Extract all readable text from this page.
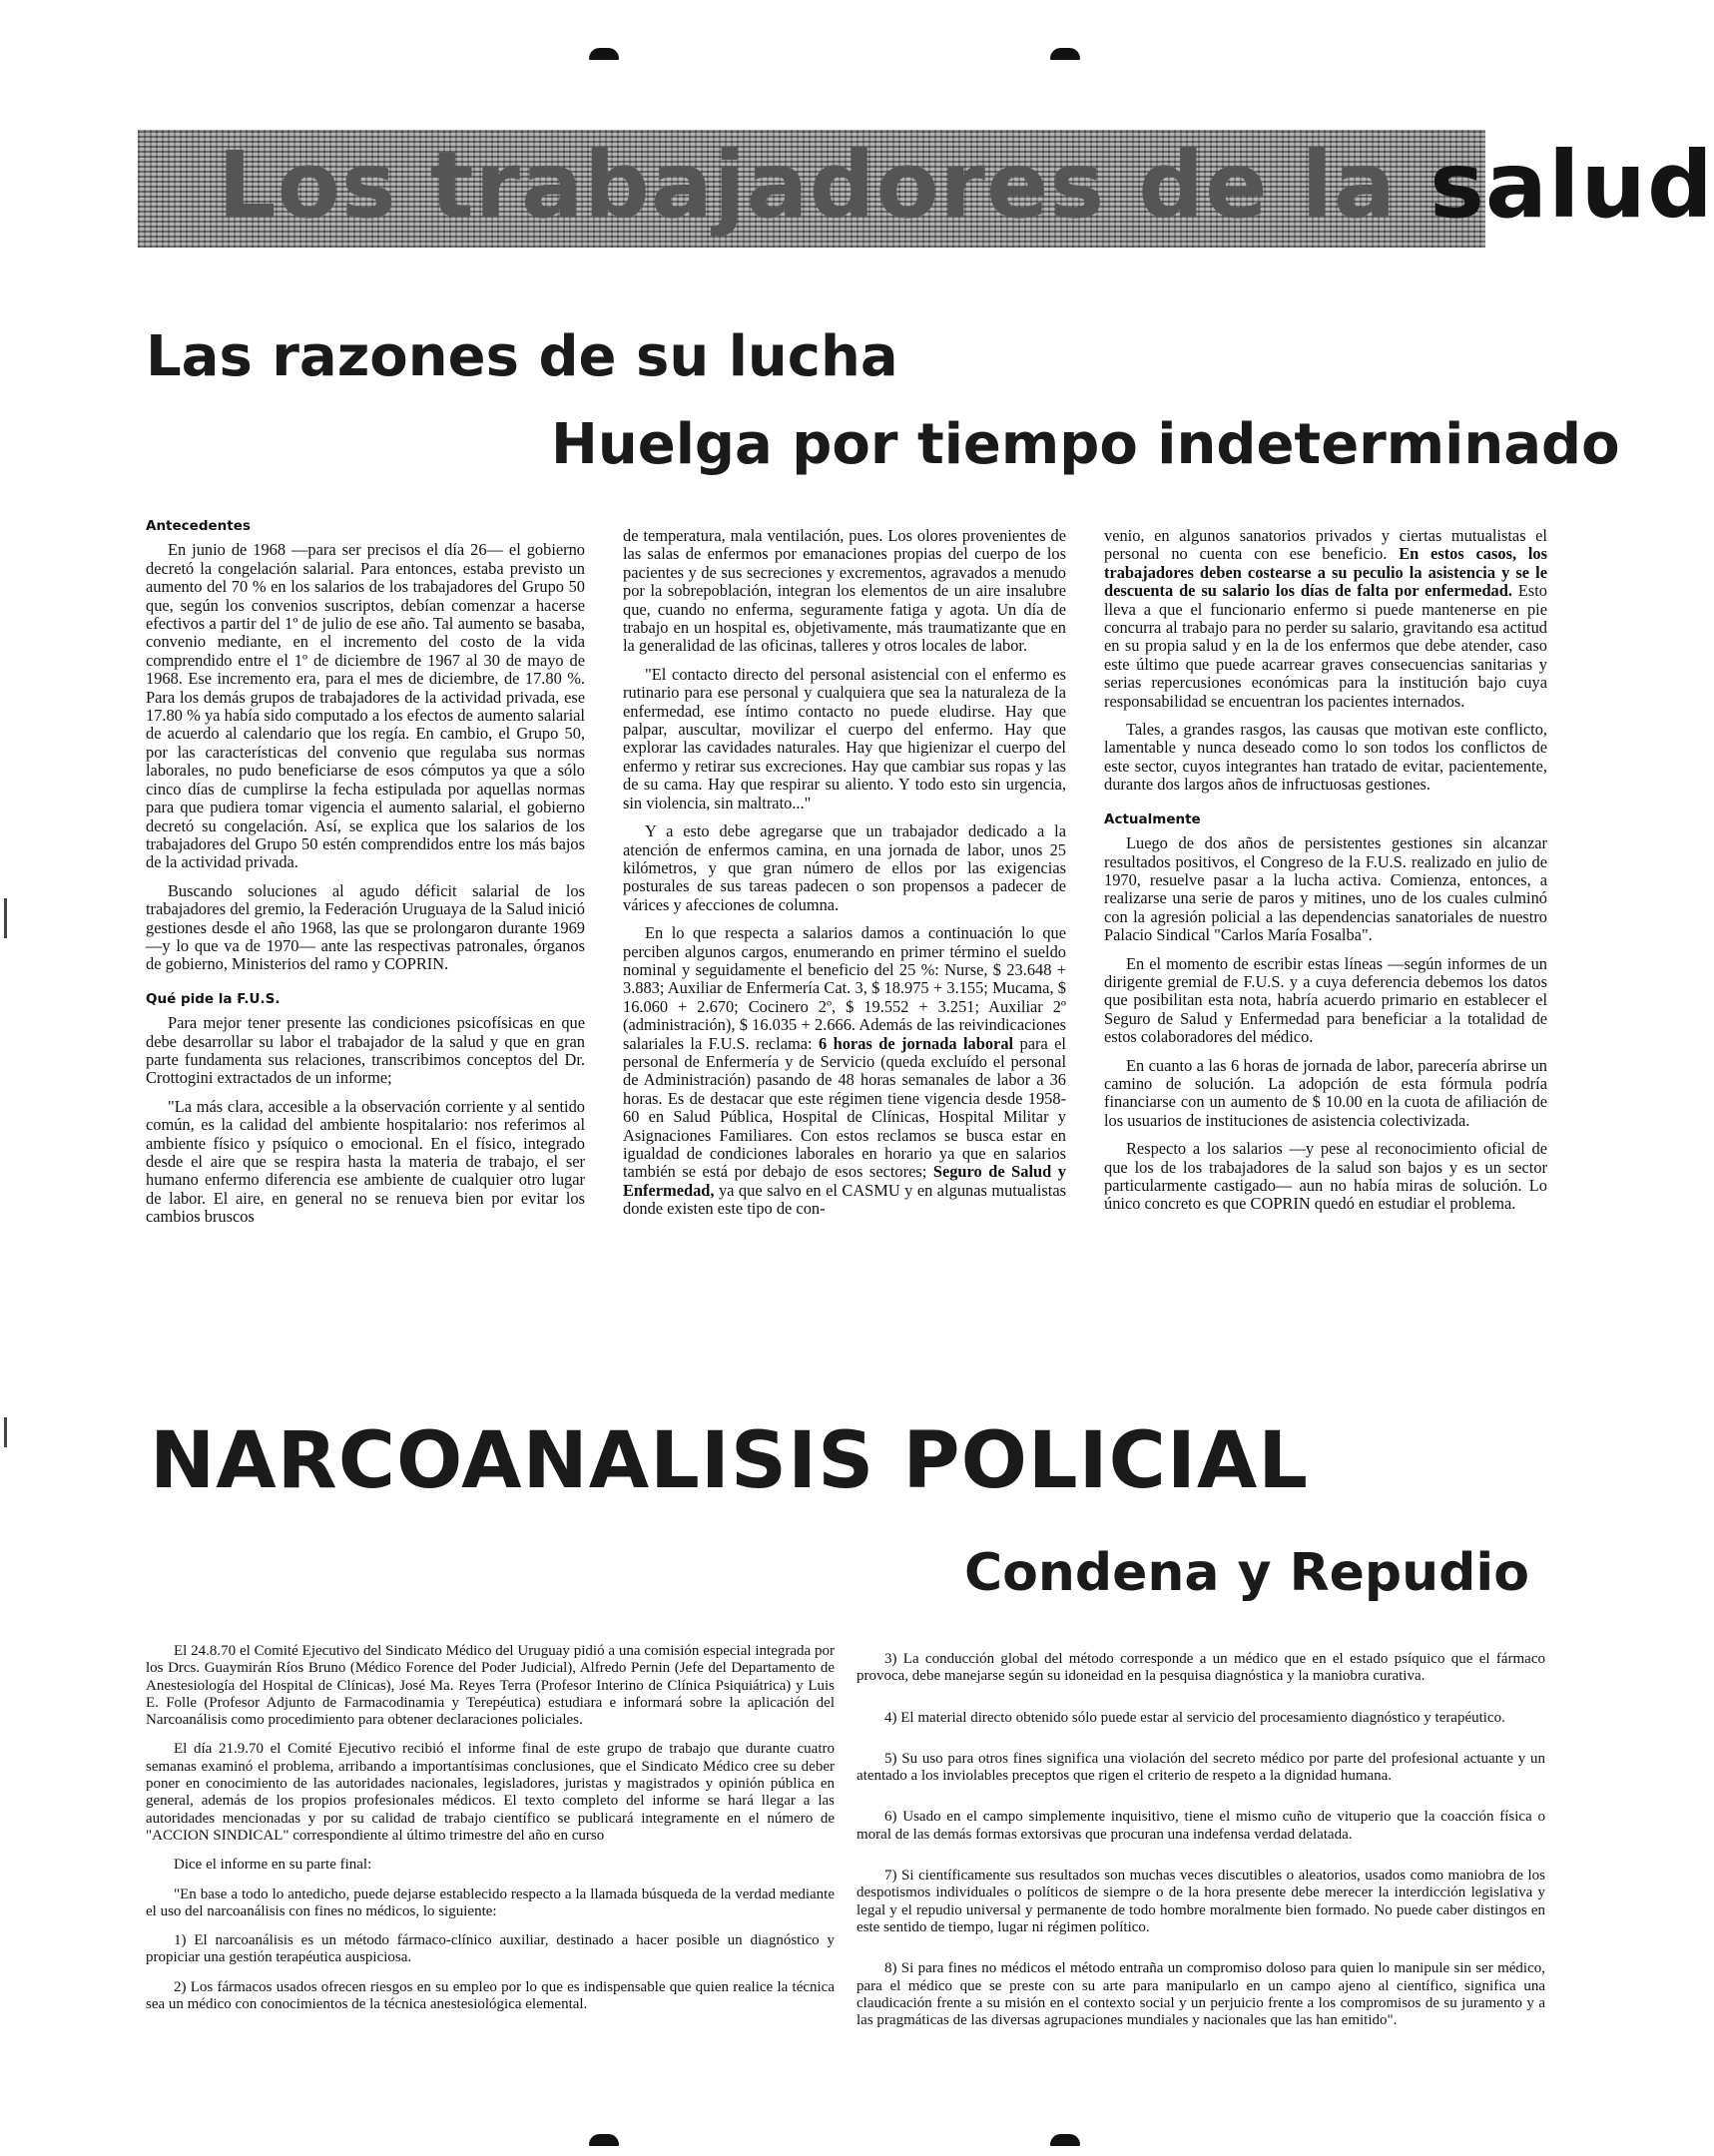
Los trabajadores de la salud
Las razones de su lucha
Huelga por tiempo indeterminado

Antecedentes

En junio de 1968 —para ser precisos el día 26— el gobierno decretó la congelación salarial. Para entonces, estaba previsto un aumento del 70 % en los salarios de los trabajadores del Grupo 50 que, según los convenios suscriptos, debían comenzar a hacerse efectivos a partir del 1º de julio de ese año. Tal aumento se basaba, convenio mediante, en el incremento del costo de la vida comprendido entre el 1º de diciembre de 1967 al 30 de mayo de 1968. Ese incremento era, para el mes de diciembre, de 17.80 %. Para los demás grupos de trabajadores de la actividad privada, ese 17.80 % ya había sido computado a los efectos de aumento salarial de acuerdo al calendario que los regía. En cambio, el Grupo 50, por las características del convenio que regulaba sus normas laborales, no pudo beneficiarse de esos cómputos ya que a sólo cinco días de cumplirse la fecha estipulada por aquellas normas para que pudiera tomar vigencia el aumento salarial, el gobierno decretó su congelación. Así, se explica que los salarios de los trabajadores del Grupo 50 estén comprendidos entre los más bajos de la actividad privada.

Buscando soluciones al agudo déficit salarial de los trabajadores del gremio, la Federación Uruguaya de la Salud inició gestiones desde el año 1968, las que se prolongaron durante 1969 —y lo que va de 1970— ante las respectivas patronales, órganos de gobierno, Ministerios del ramo y COPRIN.

Qué pide la F.U.S.

Para mejor tener presente las condiciones psicofísicas en que debe desarrollar su labor el trabajador de la salud y que en gran parte fundamenta sus relaciones, transcribimos conceptos del Dr. Crottogini extractados de un informe;

"La más clara, accesible a la observación corriente y al sentido común, es la calidad del ambiente hospitalario: nos referimos al ambiente físico y psíquico o emocional. En el físico, integrado desde el aire que se respira hasta la materia de trabajo, el ser humano enfermo diferencia ese ambiente de cualquier otro lugar de labor. El aire, en general no se renueva bien por evitar los cambios bruscos

de temperatura, mala ventilación, pues. Los olores provenientes de las salas de enfermos por emanaciones propias del cuerpo de los pacientes y de sus secreciones y excrementos, agravados a menudo por la sobrepoblación, integran los elementos de un aire insalubre que, cuando no enferma, seguramente fatiga y agota. Un día de trabajo en un hospital es, objetivamente, más traumatizante que en la generalidad de las oficinas, talleres y otros locales de labor.

"El contacto directo del personal asistencial con el enfermo es rutinario para ese personal y cualquiera que sea la naturaleza de la enfermedad, ese íntimo contacto no puede eludirse. Hay que palpar, auscultar, movilizar el cuerpo del enfermo. Hay que explorar las cavidades naturales. Hay que higienizar el cuerpo del enfermo y retirar sus excreciones. Hay que cambiar sus ropas y las de su cama. Hay que respirar su aliento. Y todo esto sin urgencia, sin violencia, sin maltrato..."

Y a esto debe agregarse que un trabajador dedicado a la atención de enfermos camina, en una jornada de labor, unos 25 kilómetros, y que gran número de ellos por las exigencias posturales de sus tareas padecen o son propensos a padecer de várices y afecciones de columna.

En lo que respecta a salarios damos a continuación lo que perciben algunos cargos, enumerando en primer término el sueldo nominal y seguidamente el beneficio del 25 %: Nurse, $ 23.648 + 3.883; Auxiliar de Enfermería Cat. 3, $ 18.975 + 3.155; Mucama, $ 16.060 + 2.670; Cocinero 2º, $ 19.552 + 3.251; Auxiliar 2º (administración), $ 16.035 + 2.666. Además de las reivindicaciones salariales la F.U.S. reclama: 6 horas de jornada laboral para el personal de Enfermería y de Servicio (queda excluído el personal de Administración) pasando de 48 horas semanales de labor a 36 horas. Es de destacar que este régimen tiene vigencia desde 1958-60 en Salud Pública, Hospital de Clínicas, Hospital Militar y Asignaciones Familiares. Con estos reclamos se busca estar en igualdad de condiciones laborales en horario ya que en salarios también se está por debajo de esos sectores; Seguro de Salud y Enfermedad, ya que salvo en el CASMU y en algunas mutualistas donde existen este tipo de con-

venio, en algunos sanatorios privados y ciertas mutualistas el personal no cuenta con ese beneficio. En estos casos, los trabajadores deben costearse a su peculio la asistencia y se le descuenta de su salario los días de falta por enfermedad. Esto lleva a que el funcionario enfermo si puede mantenerse en pie concurra al trabajo para no perder su salario, gravitando esa actitud en su propia salud y en la de los enfermos que debe atender, caso este último que puede acarrear graves consecuencias sanitarias y serias repercusiones económicas para la institución bajo cuya responsabilidad se encuentran los pacientes internados.

Tales, a grandes rasgos, las causas que motivan este conflicto, lamentable y nunca deseado como lo son todos los conflictos de este sector, cuyos integrantes han tratado de evitar, pacientemente, durante dos largos años de infructuosas gestiones.

Actualmente

Luego de dos años de persistentes gestiones sin alcanzar resultados positivos, el Congreso de la F.U.S. realizado en julio de 1970, resuelve pasar a la lucha activa. Comienza, entonces, a realizarse una serie de paros y mitines, uno de los cuales culminó con la agresión policial a las dependencias sanatoriales de nuestro Palacio Sindical "Carlos María Fosalba".

En el momento de escribir estas líneas —según informes de un dirigente gremial de F.U.S. y a cuya deferencia debemos los datos que posibilitan esta nota, habría acuerdo primario en establecer el Seguro de Salud y Enfermedad para beneficiar a la totalidad de estos colaboradores del médico.

En cuanto a las 6 horas de jornada de labor, parecería abrirse un camino de solución. La adopción de esta fórmula podría financiarse con un aumento de $ 10.00 en la cuota de afiliación de los usuarios de instituciones de asistencia colectivizada.

Respecto a los salarios —y pese al reconocimiento oficial de que los de los trabajadores de la salud son bajos y es un sector particularmente castigado— aun no había miras de solución. Lo único concreto es que COPRIN quedó en estudiar el problema.

NARCOANALISIS POLICIAL
Condena y Repudio

El 24.8.70 el Comité Ejecutivo del Sindicato Médico del Uruguay pidió a una comisión especial integrada por los Drcs. Guaymirán Ríos Bruno (Médico Forence del Poder Judicial), Alfredo Pernin (Jefe del Departamento de Anestesiología del Hospital de Clínicas), José Ma. Reyes Terra (Profesor Interino de Clínica Psiquiátrica) y Luis E. Folle (Profesor Adjunto de Farmacodinamia y Terepéutica) estudiara e informará sobre la aplicación del Narcoanálisis como procedimiento para obtener declaraciones policiales.

El día 21.9.70 el Comité Ejecutivo recibió el informe final de este grupo de trabajo que durante cuatro semanas examinó el problema, arribando a importantísimas conclusiones, que el Sindicato Médico cree su deber poner en conocimiento de las autoridades nacionales, legisladores, juristas y magistrados y opinión pública en general, además de los propios profesionales médicos. El texto completo del informe se hará llegar a las autoridades mencionadas y por su calidad de trabajo científico se publicará integramente en el número de "ACCION SINDICAL" correspondiente al último trimestre del año en curso

Dice el informe en su parte final:

"En base a todo lo antedicho, puede dejarse establecido respecto a la llamada búsqueda de la verdad mediante el uso del narcoanálisis con fines no médicos, lo siguiente:

1) El narcoanálisis es un método fármaco-clínico auxiliar, destinado a hacer posible un diagnóstico y propiciar una gestión terapéutica auspiciosa.

2) Los fármacos usados ofrecen riesgos en su empleo por lo que es indispensable que quien realice la técnica sea un médico con conocimientos de la técnica anestesiológica elemental.

3) La conducción global del método corresponde a un médico que en el estado psíquico que el fármaco provoca, debe manejarse según su idoneidad en la pesquisa diagnóstica y la maniobra curativa.

4) El material directo obtenido sólo puede estar al servicio del procesamiento diagnóstico y terapéutico.

5) Su uso para otros fines significa una violación del secreto médico por parte del profesional actuante y un atentado a los inviolables preceptos que rigen el criterio de respeto a la dignidad humana.

6) Usado en el campo simplemente inquisitivo, tiene el mismo cuño de vituperio que la coacción física o moral de las demás formas extorsivas que procuran una indefensa verdad delatada.

7) Si científicamente sus resultados son muchas veces discutibles o aleatorios, usados como maniobra de los despotismos individuales o políticos de siempre o de la hora presente debe merecer la interdicción legislativa y legal y el repudio universal y permanente de todo hombre moralmente bien formado. No puede caber distingos en este sentido de tiempo, lugar ni régimen político.

8) Si para fines no médicos el método entraña un compromiso doloso para quien lo manipule sin ser médico, para el médico que se preste con su arte para manipularlo en un campo ajeno al científico, significa una claudicación frente a su misión en el contexto social y un perjuicio frente a los compromisos de su juramento y a las pragmáticas de las diversas agrupaciones mundiales y nacionales que las han emitido".
